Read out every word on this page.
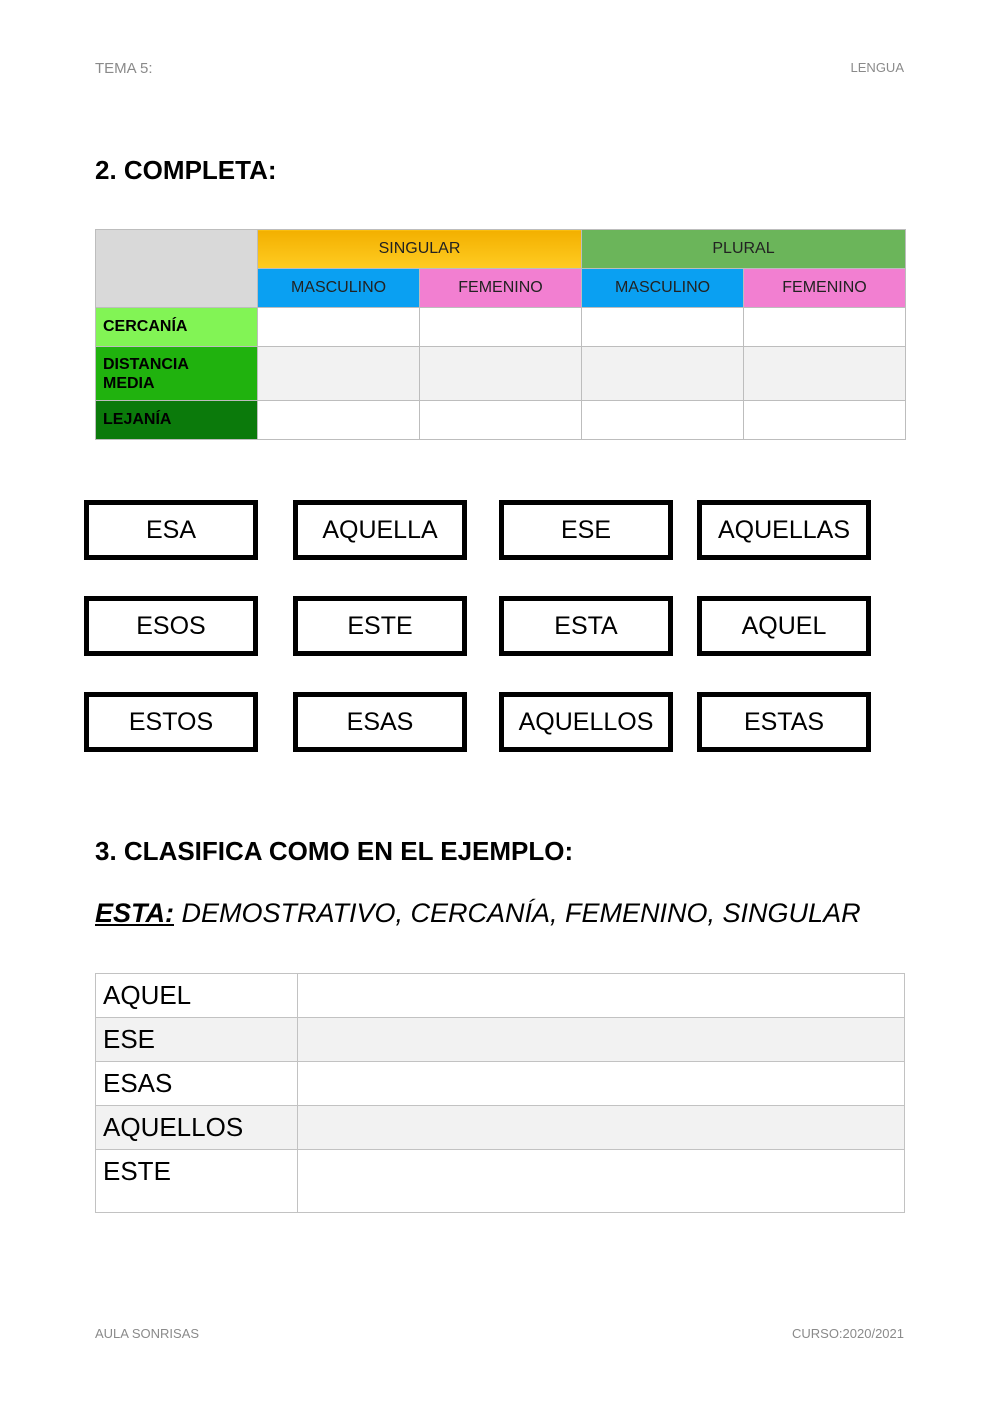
TEMA 5:	LENGUA
2. COMPLETA:
	SINGULAR		PLURAL	
	MASCULINO	FEMENINO	MASCULINO	FEMENINO
CERCANÍA				
DISTANCIA MEDIA				
LEJANÍA				
ESA	AQUELLA	ESE	AQUELLAS
ESOS	ESTE	ESTA	AQUEL
ESTOS	ESAS	AQUELLOS	ESTAS
3. CLASIFICA COMO EN EL EJEMPLO:
ESTA: DEMOSTRATIVO, CERCANÍA, FEMENINO, SINGULAR
AQUEL	
ESE	
ESAS	
AQUELLOS	
ESTE	
AULA SONRISAS	CURSO:2020/2021
